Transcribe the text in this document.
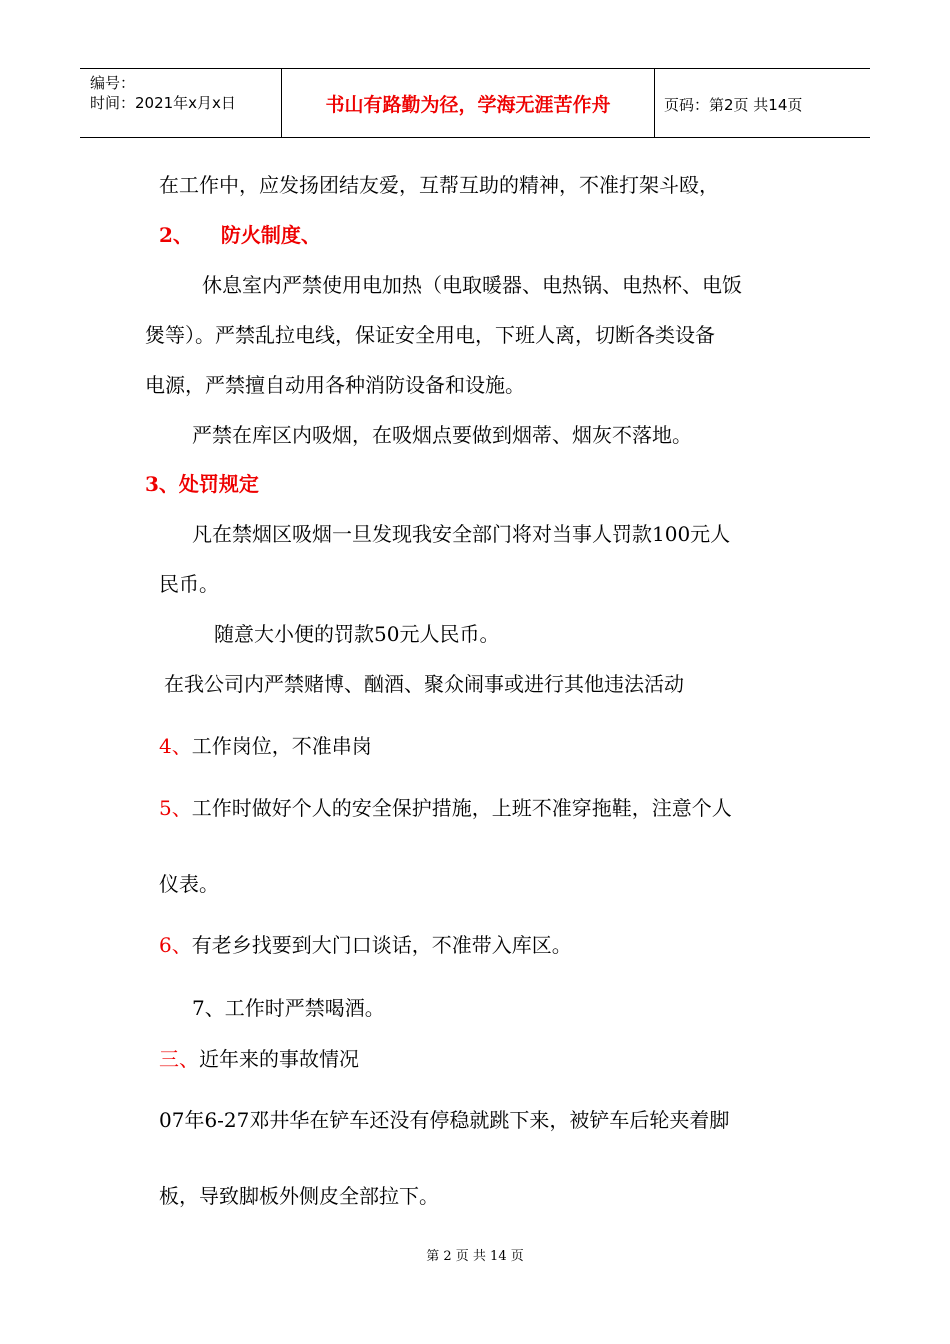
编号：
时间：2021年x月x日	书山有路勤为径，学海无涯苦作舟	页码：第2页 共14页
在工作中，应发扬团结友爱，互帮互助的精神，不准打架斗殴，
2、 防火制度、
休息室内严禁使用电加热（电取暖器、电热锅、电热杯、电饭
煲等）。严禁乱拉电线，保证安全用电，下班人离，切断各类设备
电源，严禁擅自动用各种消防设备和设施。
严禁在库区内吸烟，在吸烟点要做到烟蒂、烟灰不落地。
3、处罚规定
凡在禁烟区吸烟一旦发现我安全部门将对当事人罚款100元人
民币。
随意大小便的罚款50元人民币。
在我公司内严禁赌博、酗酒、聚众闹事或进行其他违法活动
4、工作岗位，不准串岗
5、工作时做好个人的安全保护措施，上班不准穿拖鞋，注意个人
仪表。
6、有老乡找要到大门口谈话，不准带入库区。
7、工作时严禁喝酒。
三、近年来的事故情况
07年6-27邓井华在铲车还没有停稳就跳下来，被铲车后轮夹着脚
板，导致脚板外侧皮全部拉下。
第 2 页 共 14 页
